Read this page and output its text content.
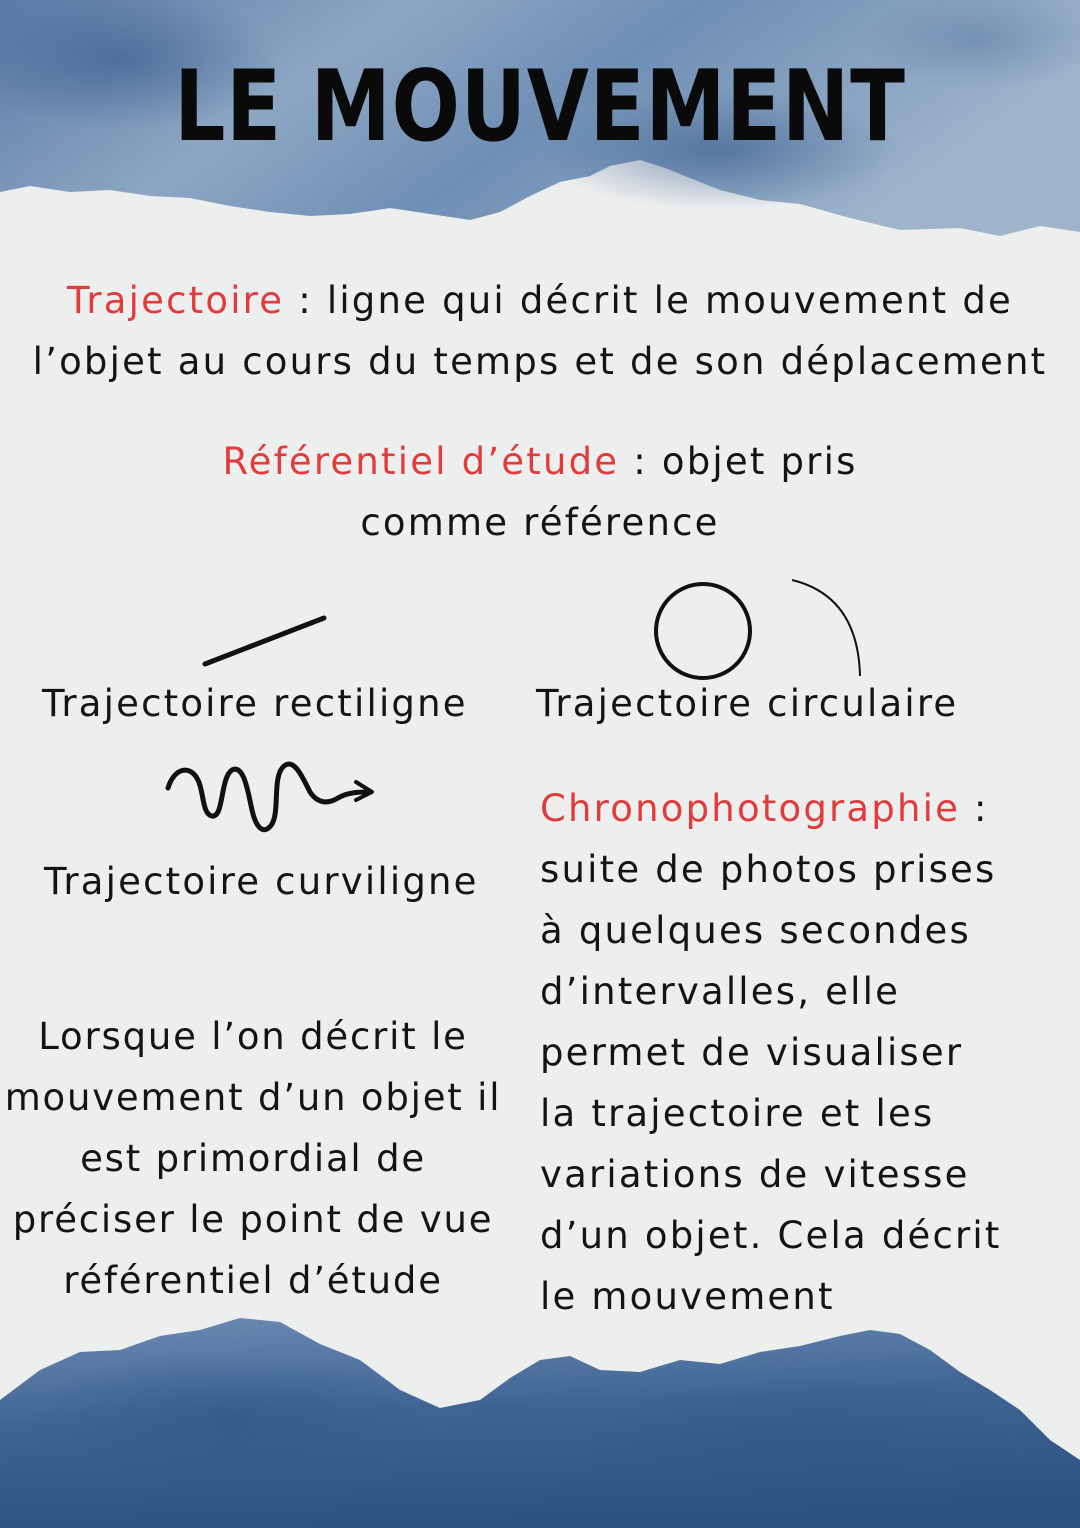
LE MOUVEMENT
Trajectoire : ligne qui décrit le mouvement de
l’objet au cours du temps et de son déplacement
Référentiel d’étude : objet pris
comme référence
Trajectoire rectiligne Trajectoire circulaire
Trajectoire curviligne
Chronophotographie :
suite de photos prises
à quelques secondes
d’intervalles, elle
permet de visualiser
la trajectoire et les
variations de vitesse
d’un objet. Cela décrit
le mouvement
Lorsque l’on décrit le
mouvement d’un objet il
est primordial de
préciser le point de vue
référentiel d’étude
